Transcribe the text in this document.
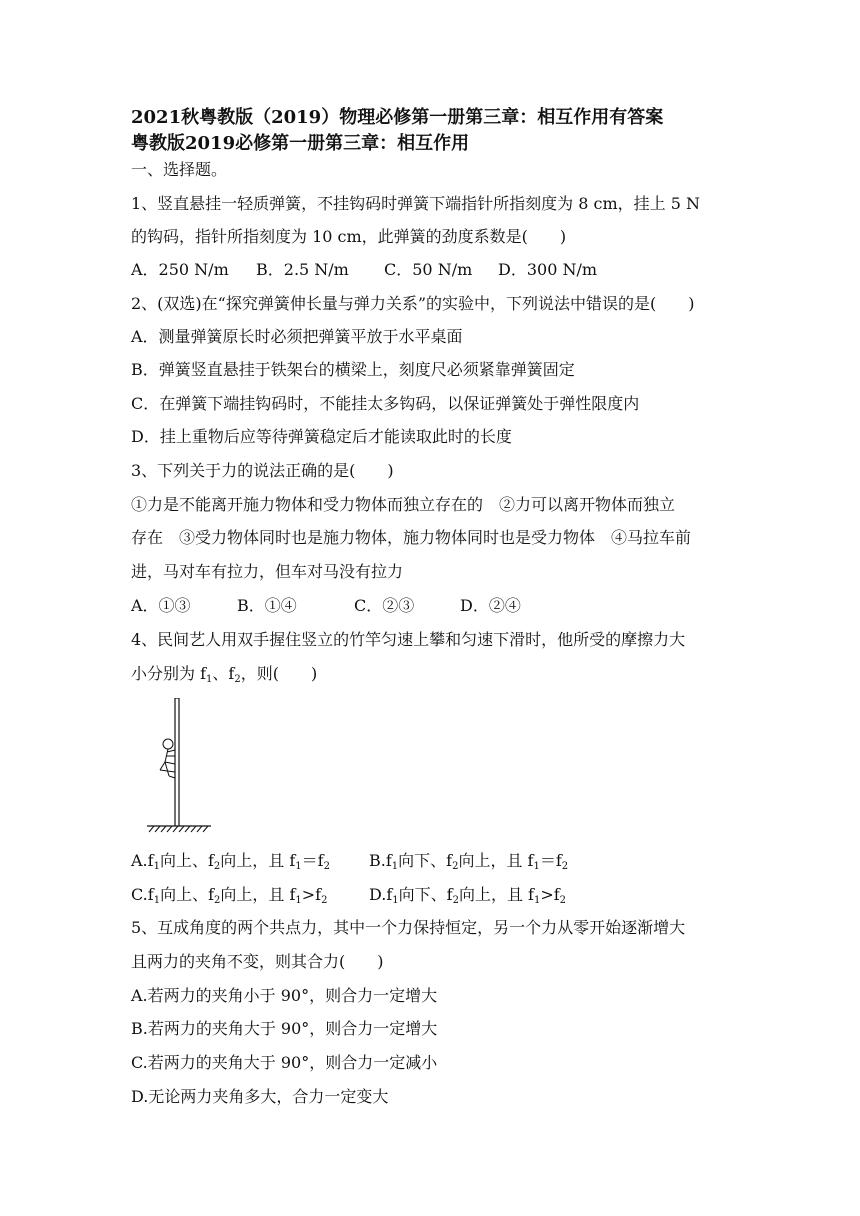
2021秋粤教版（2019）物理必修第一册第三章：相互作用有答案
粤教版2019必修第一册第三章：相互作用
一、选择题。
1、竖直悬挂一轻质弹簧，不挂钩码时弹簧下端指针所指刻度为 8 cm，挂上 5 N
的钩码，指针所指刻度为 10 cm，此弹簧的劲度系数是(　　)
A．250 N/m B．2.5 N/m C．50 N/m D．300 N/m
2、(双选)在“探究弹簧伸长量与弹力关系”的实验中，下列说法中错误的是(　　)
A．测量弹簧原长时必须把弹簧平放于水平桌面
B．弹簧竖直悬挂于铁架台的横梁上，刻度尺必须紧靠弹簧固定
C．在弹簧下端挂钩码时，不能挂太多钩码，以保证弹簧处于弹性限度内
D．挂上重物后应等待弹簧稳定后才能读取此时的长度
3、下列关于力的说法正确的是(　　)
①力是不能离开施力物体和受力物体而独立存在的　②力可以离开物体而独立
存在　③受力物体同时也是施力物体，施力物体同时也是受力物体　④马拉车前
进，马对车有拉力，但车对马没有拉力
A．①③	B．①④	C．②③	D．②④
4、民间艺人用双手握住竖立的竹竿匀速上攀和匀速下滑时，他所受的摩擦力大
小分别为 $f_1$、$f_2$，则(　　)
$A.f_1$向上、$f_2$向上，且 $f_1=f_2$ $B.f_1$向下、$f_2$向上，且 $f_1=f_2$
$C.f_1$向上、$f_2$向上，且 $f_1>f_2$	$D.f_1$向下、$f_2$向上，且 $f_1>f_2$
5、互成角度的两个共点力，其中一个力保持恒定，另一个力从零开始逐渐增大
且两力的夹角不变，则其合力(　　)
A.若两力的夹角小于 90°，则合力一定增大
B.若两力的夹角大于 90°，则合力一定增大
C.若两力的夹角大于 90°，则合力一定减小
D.无论两力夹角多大，合力一定变大
